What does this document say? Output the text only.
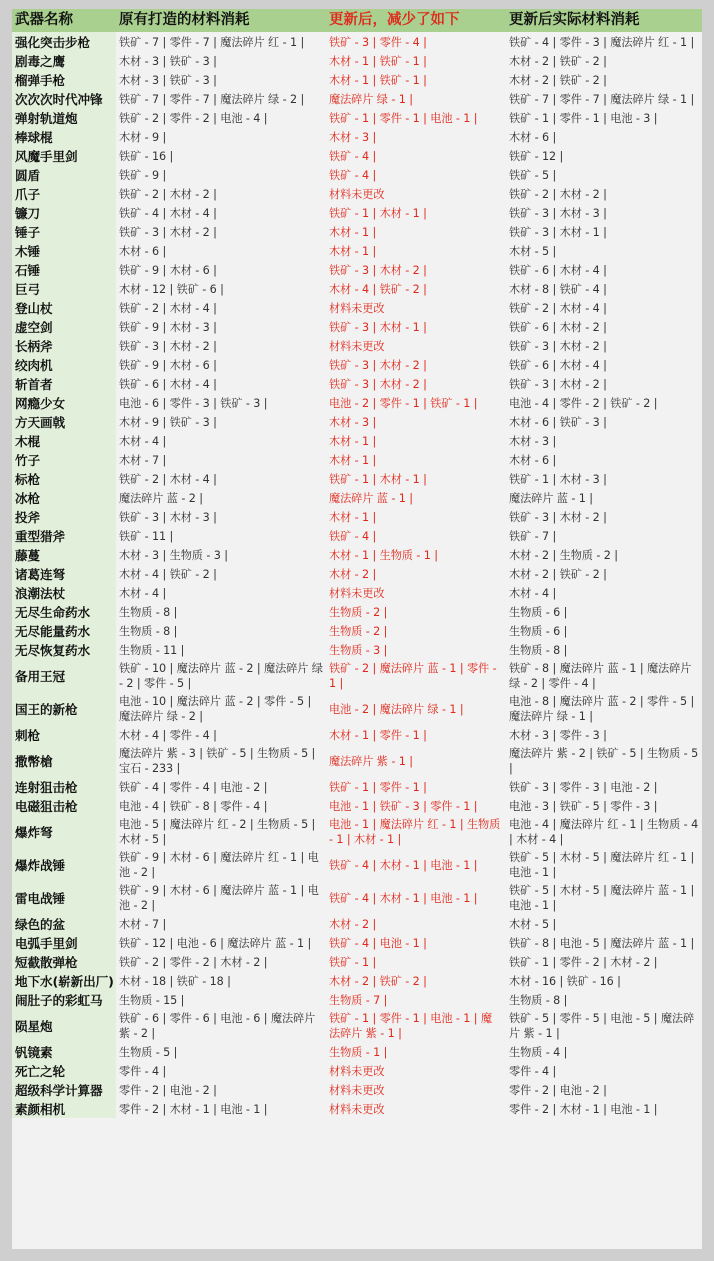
武器名称	原有打造的材料消耗	更新后，减少了如下	更新后实际材料消耗
强化突击步枪	铁矿 - 7 | 零件 - 7 | 魔法碎片 红 - 1 |	铁矿 - 3 | 零件 - 4 |	铁矿 - 4 | 零件 - 3 | 魔法碎片 红 - 1 |
剧毒之鹰	木材 - 3 | 铁矿 - 3 |	木材 - 1 | 铁矿 - 1 |	木材 - 2 | 铁矿 - 2 |
榴弹手枪	木材 - 3 | 铁矿 - 3 |	木材 - 1 | 铁矿 - 1 |	木材 - 2 | 铁矿 - 2 |
次次次时代冲锋	铁矿 - 7 | 零件 - 7 | 魔法碎片 绿 - 2 |	魔法碎片 绿 - 1 |	铁矿 - 7 | 零件 - 7 | 魔法碎片 绿 - 1 |
弹射轨道炮	铁矿 - 2 | 零件 - 2 | 电池 - 4 |	铁矿 - 1 | 零件 - 1 | 电池 - 1 |	铁矿 - 1 | 零件 - 1 | 电池 - 3 |
棒球棍	木材 - 9 |	木材 - 3 |	木材 - 6 |
风魔手里剑	铁矿 - 16 |	铁矿 - 4 |	铁矿 - 12 |
圆盾	铁矿 - 9 |	铁矿 - 4 |	铁矿 - 5 |
爪子	铁矿 - 2 | 木材 - 2 |	材料未更改	铁矿 - 2 | 木材 - 2 |
镰刀	铁矿 - 4 | 木材 - 4 |	铁矿 - 1 | 木材 - 1 |	铁矿 - 3 | 木材 - 3 |
锤子	铁矿 - 3 | 木材 - 2 |	木材 - 1 |	铁矿 - 3 | 木材 - 1 |
木锤	木材 - 6 |	木材 - 1 |	木材 - 5 |
石锤	铁矿 - 9 | 木材 - 6 |	铁矿 - 3 | 木材 - 2 |	铁矿 - 6 | 木材 - 4 |
巨弓	木材 - 12 | 铁矿 - 6 |	木材 - 4 | 铁矿 - 2 |	木材 - 8 | 铁矿 - 4 |
登山杖	铁矿 - 2 | 木材 - 4 |	材料未更改	铁矿 - 2 | 木材 - 4 |
虚空剑	铁矿 - 9 | 木材 - 3 |	铁矿 - 3 | 木材 - 1 |	铁矿 - 6 | 木材 - 2 |
长柄斧	铁矿 - 3 | 木材 - 2 |	材料未更改	铁矿 - 3 | 木材 - 2 |
绞肉机	铁矿 - 9 | 木材 - 6 |	铁矿 - 3 | 木材 - 2 |	铁矿 - 6 | 木材 - 4 |
斩首者	铁矿 - 6 | 木材 - 4 |	铁矿 - 3 | 木材 - 2 |	铁矿 - 3 | 木材 - 2 |
网瘾少女	电池 - 6 | 零件 - 3 | 铁矿 - 3 |	电池 - 2 | 零件 - 1 | 铁矿 - 1 |	电池 - 4 | 零件 - 2 | 铁矿 - 2 |
方天画戟	木材 - 9 | 铁矿 - 3 |	木材 - 3 |	木材 - 6 | 铁矿 - 3 |
木棍	木材 - 4 |	木材 - 1 |	木材 - 3 |
竹子	木材 - 7 |	木材 - 1 |	木材 - 6 |
标枪	铁矿 - 2 | 木材 - 4 |	铁矿 - 1 | 木材 - 1 |	铁矿 - 1 | 木材 - 3 |
冰枪	魔法碎片 蓝 - 2 |	魔法碎片 蓝 - 1 |	魔法碎片 蓝 - 1 |
投斧	铁矿 - 3 | 木材 - 3 |	木材 - 1 |	铁矿 - 3 | 木材 - 2 |
重型猎斧	铁矿 - 11 |	铁矿 - 4 |	铁矿 - 7 |
藤蔓	木材 - 3 | 生物质 - 3 |	木材 - 1 | 生物质 - 1 |	木材 - 2 | 生物质 - 2 |
诸葛连弩	木材 - 4 | 铁矿 - 2 |	木材 - 2 |	木材 - 2 | 铁矿 - 2 |
浪潮法杖	木材 - 4 |	材料未更改	木材 - 4 |
无尽生命药水	生物质 - 8 |	生物质 - 2 |	生物质 - 6 |
无尽能量药水	生物质 - 8 |	生物质 - 2 |	生物质 - 6 |
无尽恢复药水	生物质 - 11 |	生物质 - 3 |	生物质 - 8 |
备用王冠	铁矿 - 10 | 魔法碎片 蓝 - 2 | 魔法碎片 绿 - 2 | 零件 - 5 |	铁矿 - 2 | 魔法碎片 蓝 - 1 | 零件 - 1 |	铁矿 - 8 | 魔法碎片 蓝 - 1 | 魔法碎片 绿 - 2 | 零件 - 4 |
国王的新枪	电池 - 10 | 魔法碎片 蓝 - 2 | 零件 - 5 | 魔法碎片 绿 - 2 |	电池 - 2 | 魔法碎片 绿 - 1 |	电池 - 8 | 魔法碎片 蓝 - 2 | 零件 - 5 | 魔法碎片 绿 - 1 |
刺枪	木材 - 4 | 零件 - 4 |	木材 - 1 | 零件 - 1 |	木材 - 3 | 零件 - 3 |
撒幣槍	魔法碎片 紫 - 3 | 铁矿 - 5 | 生物质 - 5 | 宝石 - 233 |	魔法碎片 紫 - 1 |	魔法碎片 紫 - 2 | 铁矿 - 5 | 生物质 - 5 |
连射狙击枪	铁矿 - 4 | 零件 - 4 | 电池 - 2 |	铁矿 - 1 | 零件 - 1 |	铁矿 - 3 | 零件 - 3 | 电池 - 2 |
电磁狙击枪	电池 - 4 | 铁矿 - 8 | 零件 - 4 |	电池 - 1 | 铁矿 - 3 | 零件 - 1 |	电池 - 3 | 铁矿 - 5 | 零件 - 3 |
爆炸弩	电池 - 5 | 魔法碎片 红 - 2 | 生物质 - 5 | 木材 - 5 |	电池 - 1 | 魔法碎片 红 - 1 | 生物质 - 1 | 木材 - 1 |	电池 - 4 | 魔法碎片 红 - 1 | 生物质 - 4 | 木材 - 4 |
爆炸战锤	铁矿 - 9 | 木材 - 6 | 魔法碎片 红 - 1 | 电池 - 2 |	铁矿 - 4 | 木材 - 1 | 电池 - 1 |	铁矿 - 5 | 木材 - 5 | 魔法碎片 红 - 1 | 电池 - 1 |
雷电战锤	铁矿 - 9 | 木材 - 6 | 魔法碎片 蓝 - 1 | 电池 - 2 |	铁矿 - 4 | 木材 - 1 | 电池 - 1 |	铁矿 - 5 | 木材 - 5 | 魔法碎片 蓝 - 1 | 电池 - 1 |
绿色的盆	木材 - 7 |	木材 - 2 |	木材 - 5 |
电弧手里剑	铁矿 - 12 | 电池 - 6 | 魔法碎片 蓝 - 1 |	铁矿 - 4 | 电池 - 1 |	铁矿 - 8 | 电池 - 5 | 魔法碎片 蓝 - 1 |
短截散弹枪	铁矿 - 2 | 零件 - 2 | 木材 - 2 |	铁矿 - 1 |	铁矿 - 1 | 零件 - 2 | 木材 - 2 |
地下水(崭新出厂)	木材 - 18 | 铁矿 - 18 |	木材 - 2 | 铁矿 - 2 |	木材 - 16 | 铁矿 - 16 |
闹肚子的彩虹马	生物质 - 15 |	生物质 - 7 |	生物质 - 8 |
陨星炮	铁矿 - 6 | 零件 - 6 | 电池 - 6 | 魔法碎片 紫 - 2 |	铁矿 - 1 | 零件 - 1 | 电池 - 1 | 魔法碎片 紫 - 1 |	铁矿 - 5 | 零件 - 5 | 电池 - 5 | 魔法碎片 紫 - 1 |
钒镜素	生物质 - 5 |	生物质 - 1 |	生物质 - 4 |
死亡之轮	零件 - 4 |	材料未更改	零件 - 4 |
超级科学计算器	零件 - 2 | 电池 - 2 |	材料未更改	零件 - 2 | 电池 - 2 |
素颜相机	零件 - 2 | 木材 - 1 | 电池 - 1 |	材料未更改	零件 - 2 | 木材 - 1 | 电池 - 1 |
